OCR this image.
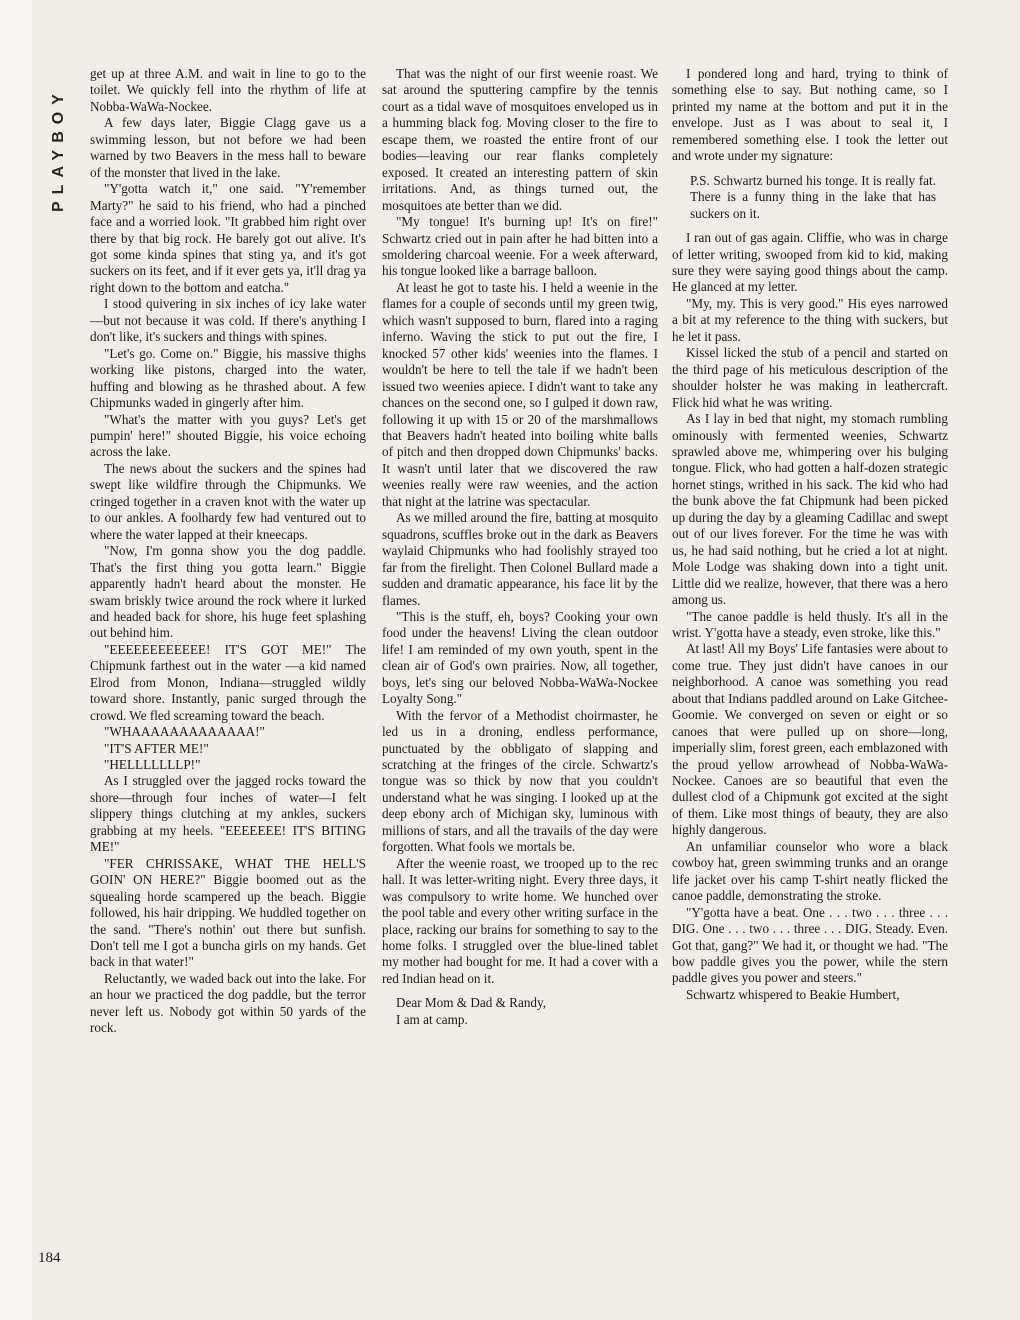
PLAYBOY

get up at three A.M. and wait in line to go to the toilet. We quickly fell into the rhythm of life at Nobba-WaWa-Nockee.

A few days later, Biggie Clagg gave us a swimming lesson, but not before we had been warned by two Beavers in the mess hall to beware of the monster that lived in the lake.

"Y'gotta watch it," one said. "Y'remember Marty?" he said to his friend, who had a pinched face and a worried look. "It grabbed him right over there by that big rock. He barely got out alive. It's got some kinda spines that sting ya, and it's got suckers on its feet, and if it ever gets ya, it'll drag ya right down to the bottom and eatcha."

I stood quivering in six inches of icy lake water—but not because it was cold. If there's anything I don't like, it's suckers and things with spines.

"Let's go. Come on." Biggie, his massive thighs working like pistons, charged into the water, huffing and blowing as he thrashed about. A few Chipmunks waded in gingerly after him.

"What's the matter with you guys? Let's get pumpin' here!" shouted Biggie, his voice echoing across the lake.

The news about the suckers and the spines had swept like wildfire through the Chipmunks. We cringed together in a craven knot with the water up to our ankles. A foolhardy few had ventured out to where the water lapped at their kneecaps.

"Now, I'm gonna show you the dog paddle. That's the first thing you gotta learn." Biggie apparently hadn't heard about the monster. He swam briskly twice around the rock where it lurked and headed back for shore, his huge feet splashing out behind him.

"EEEEEEEEEEEE! IT'S GOT ME!" The Chipmunk farthest out in the water —a kid named Elrod from Monon, Indiana—struggled wildly toward shore. Instantly, panic surged through the crowd. We fled screaming toward the beach.

"WHAAAAAAAAAAAAA!"

"IT'S AFTER ME!"

"HELLLLLLLP!"

As I struggled over the jagged rocks toward the shore—through four inches of water—I felt slippery things clutching at my ankles, suckers grabbing at my heels. "EEEEEEE! IT'S BITING ME!"

"FER CHRISSAKE, WHAT THE HELL'S GOIN' ON HERE?" Biggie boomed out as the squealing horde scampered up the beach. Biggie followed, his hair dripping. We huddled together on the sand. "There's nothin' out there but sunfish. Don't tell me I got a buncha girls on my hands. Get back in that water!"

Reluctantly, we waded back out into the lake. For an hour we practiced the dog paddle, but the terror never left us. Nobody got within 50 yards of the rock.

That was the night of our first weenie roast. We sat around the sputtering campfire by the tennis court as a tidal wave of mosquitoes enveloped us in a humming black fog. Moving closer to the fire to escape them, we roasted the entire front of our bodies—leaving our rear flanks completely exposed. It created an interesting pattern of skin irritations. And, as things turned out, the mosquitoes ate better than we did.

"My tongue! It's burning up! It's on fire!" Schwartz cried out in pain after he had bitten into a smoldering charcoal weenie. For a week afterward, his tongue looked like a barrage balloon.

At least he got to taste his. I held a weenie in the flames for a couple of seconds until my green twig, which wasn't supposed to burn, flared into a raging inferno. Waving the stick to put out the fire, I knocked 57 other kids' weenies into the flames. I wouldn't be here to tell the tale if we hadn't been issued two weenies apiece. I didn't want to take any chances on the second one, so I gulped it down raw, following it up with 15 or 20 of the marshmallows that Beavers hadn't heated into boiling white balls of pitch and then dropped down Chipmunks' backs. It wasn't until later that we discovered the raw weenies really were raw weenies, and the action that night at the latrine was spectacular.

As we milled around the fire, batting at mosquito squadrons, scuffles broke out in the dark as Beavers waylaid Chipmunks who had foolishly strayed too far from the firelight. Then Colonel Bullard made a sudden and dramatic appearance, his face lit by the flames.

"This is the stuff, eh, boys? Cooking your own food under the heavens! Living the clean outdoor life! I am reminded of my own youth, spent in the clean air of God's own prairies. Now, all together, boys, let's sing our beloved Nobba-WaWa-Nockee Loyalty Song."

With the fervor of a Methodist choirmaster, he led us in a droning, endless performance, punctuated by the obbligato of slapping and scratching at the fringes of the circle. Schwartz's tongue was so thick by now that you couldn't understand what he was singing. I looked up at the deep ebony arch of Michigan sky, luminous with millions of stars, and all the travails of the day were forgotten. What fools we mortals be.

After the weenie roast, we trooped up to the rec hall. It was letter-writing night. Every three days, it was compulsory to write home. We hunched over the pool table and every other writing surface in the place, racking our brains for something to say to the home folks. I struggled over the blue-lined tablet my mother had bought for me. It had a cover with a red Indian head on it.

Dear Mom & Dad & Randy,

I am at camp.

I pondered long and hard, trying to think of something else to say. But nothing came, so I printed my name at the bottom and put it in the envelope. Just as I was about to seal it, I remembered something else. I took the letter out and wrote under my signature:

P.S. Schwartz burned his tonge. It is really fat. There is a funny thing in the lake that has suckers on it.

I ran out of gas again. Cliffie, who was in charge of letter writing, swooped from kid to kid, making sure they were saying good things about the camp. He glanced at my letter.

"My, my. This is very good." His eyes narrowed a bit at my reference to the thing with suckers, but he let it pass.

Kissel licked the stub of a pencil and started on the third page of his meticulous description of the shoulder holster he was making in leathercraft. Flick hid what he was writing.

As I lay in bed that night, my stomach rumbling ominously with fermented weenies, Schwartz sprawled above me, whimpering over his bulging tongue. Flick, who had gotten a half-dozen strategic hornet stings, writhed in his sack. The kid who had the bunk above the fat Chipmunk had been picked up during the day by a gleaming Cadillac and swept out of our lives forever. For the time he was with us, he had said nothing, but he cried a lot at night. Mole Lodge was shaking down into a tight unit. Little did we realize, however, that there was a hero among us.

"The canoe paddle is held thusly. It's all in the wrist. Y'gotta have a steady, even stroke, like this."

At last! All my Boys' Life fantasies were about to come true. They just didn't have canoes in our neighborhood. A canoe was something you read about that Indians paddled around on Lake Gitchee-Goomie. We converged on seven or eight or so canoes that were pulled up on shore—long, imperially slim, forest green, each emblazoned with the proud yellow arrowhead of Nobba-WaWa-Nockee. Canoes are so beautiful that even the dullest clod of a Chipmunk got excited at the sight of them. Like most things of beauty, they are also highly dangerous.

An unfamiliar counselor who wore a black cowboy hat, green swimming trunks and an orange life jacket over his camp T-shirt neatly flicked the canoe paddle, demonstrating the stroke.

"Y'gotta have a beat. One . . . two . . . three . . . DIG. One . . . two . . . three . . . DIG. Steady. Even. Got that, gang?" We had it, or thought we had. "The bow paddle gives you the power, while the stern paddle gives you power and steers."

Schwartz whispered to Beakie Humbert,

184
